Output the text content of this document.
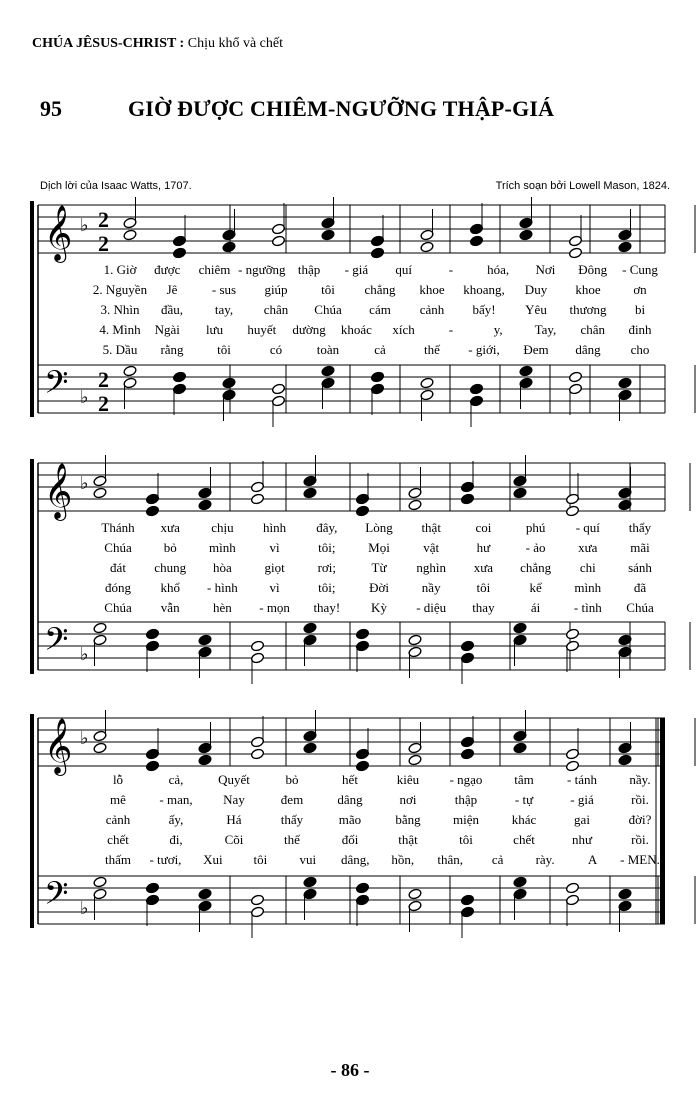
CHÚA JÊSUS-CHRIST : Chịu khổ và chết
95	GIỜ ĐƯỢC CHIÊM-NGƯỠNG THẬP-GIÁ
Dịch lời của Isaac Watts, 1707.	Trích soạn bởi Lowell Mason, 1824.
𝄞
𝄢
♭
♭
2
2
2
2
𝄞
𝄢
♭
♭
𝄞
𝄢
♭
♭
1. Giờ được chiêm - ngưỡng thập - giá quí	-	hóa, Nơi Đông - Cung
2. Nguyền Jê	- sus giúp	tôi chẳng khoe khoang, Duy khoe	ơn
3. Nhìn đầu, tay, chân Chúa cám cảnh bấy! Yêu thương bi
4. Mình Ngài lưu huyết dường khoác xích	-	y, Tay, chân đinh
5. Dầu rằng	tôi	có	toàn	cả	thế - giới, Đem dâng cho
Thánh xưa chịu hình đây, Lòng thật	coi	phú - quí thẩy
Chúa bỏ mình	vì	tôi;	Mọi	vật	hư	- ảo	xưa	mãi
đát chung hòa	giọt	rơi;	Từ nghìn xưa chẳng chi sánh
đóng khổ - hình vì	tôi;	Đời	nầy	tôi	kể	mình	đã
Chúa vẫn	hèn - mọn thay! Kỳ - diệu thay	ái	- tình Chúa
lỗ	cả,	Quyết	bỏ	hết	kiêu - ngạo tâm	- tánh nầy.
mê	- man, Nay	đem	dâng	nơi	thập	- tự	- giá	rồi.
cảnh	ấy,	Há	thấy	mão	bằng miện	khác	gai	đời?
chết	đi,	Cõi	thế	đối	thật	tôi	chết	như	rồi.
thấm - tươi, Xui tôi vui dâng, hồn, thân, cả rày.	A - MEN.
- 86 -
